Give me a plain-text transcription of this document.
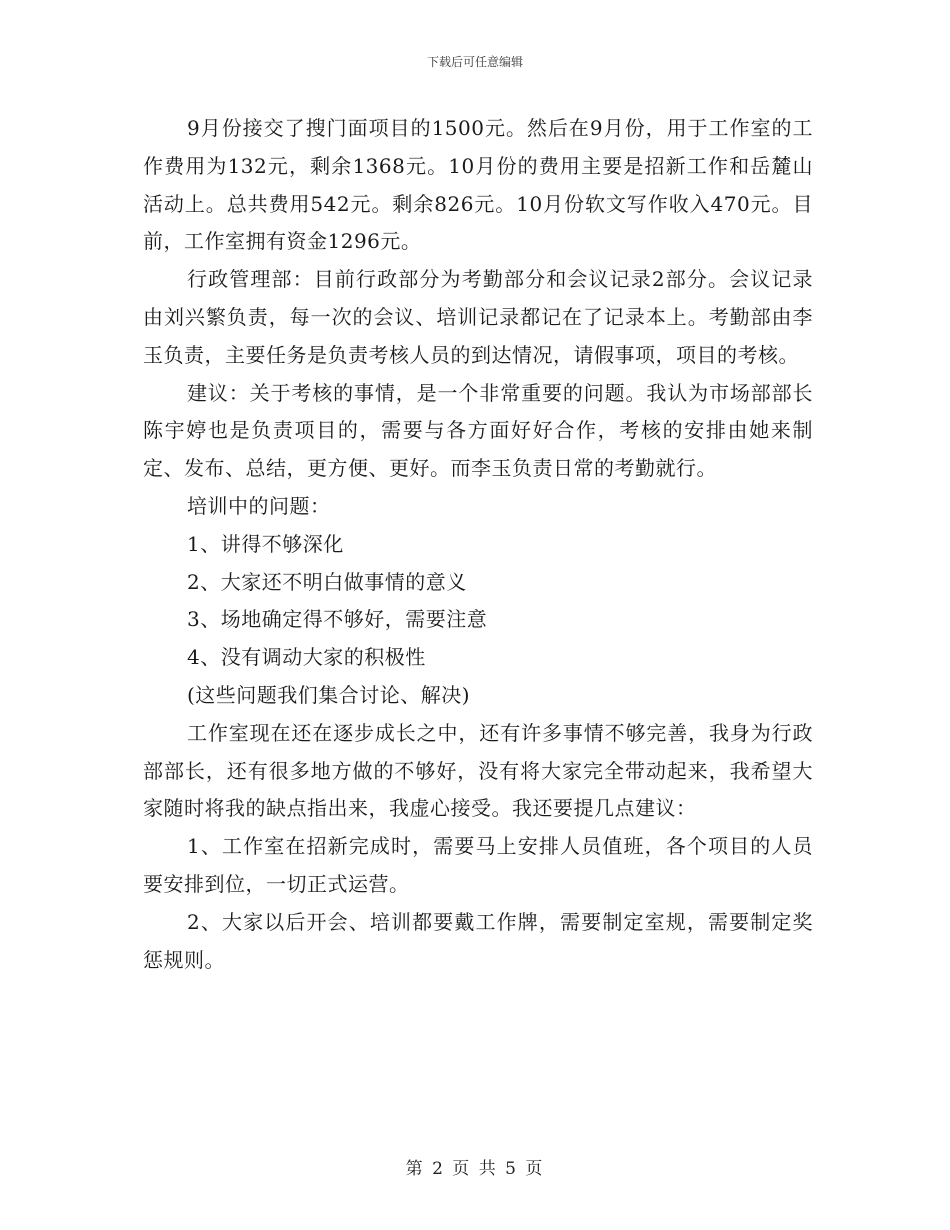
下载后可任意编辑

9月份接交了搜门面项目的1500元。然后在9月份，用于工作室的工作费用为132元，剩余1368元。10月份的费用主要是招新工作和岳麓山活动上。总共费用542元。剩余826元。10月份软文写作收入470元。目前，工作室拥有资金1296元。

行政管理部：目前行政部分为考勤部分和会议记录2部分。会议记录由刘兴繁负责，每一次的会议、培训记录都记在了记录本上。考勤部由李玉负责，主要任务是负责考核人员的到达情况，请假事项，项目的考核。

建议：关于考核的事情，是一个非常重要的问题。我认为市场部部长陈宇婷也是负责项目的，需要与各方面好好合作，考核的安排由她来制定、发布、总结，更方便、更好。而李玉负责日常的考勤就行。

培训中的问题：

1、讲得不够深化

2、大家还不明白做事情的意义

3、场地确定得不够好，需要注意

4、没有调动大家的积极性

(这些问题我们集合讨论、解决)

工作室现在还在逐步成长之中，还有许多事情不够完善，我身为行政部部长，还有很多地方做的不够好，没有将大家完全带动起来，我希望大家随时将我的缺点指出来，我虚心接受。我还要提几点建议：

1、工作室在招新完成时，需要马上安排人员值班，各个项目的人员要安排到位，一切正式运营。

2、大家以后开会、培训都要戴工作牌，需要制定室规，需要制定奖惩规则。

第 2 页 共 5 页
